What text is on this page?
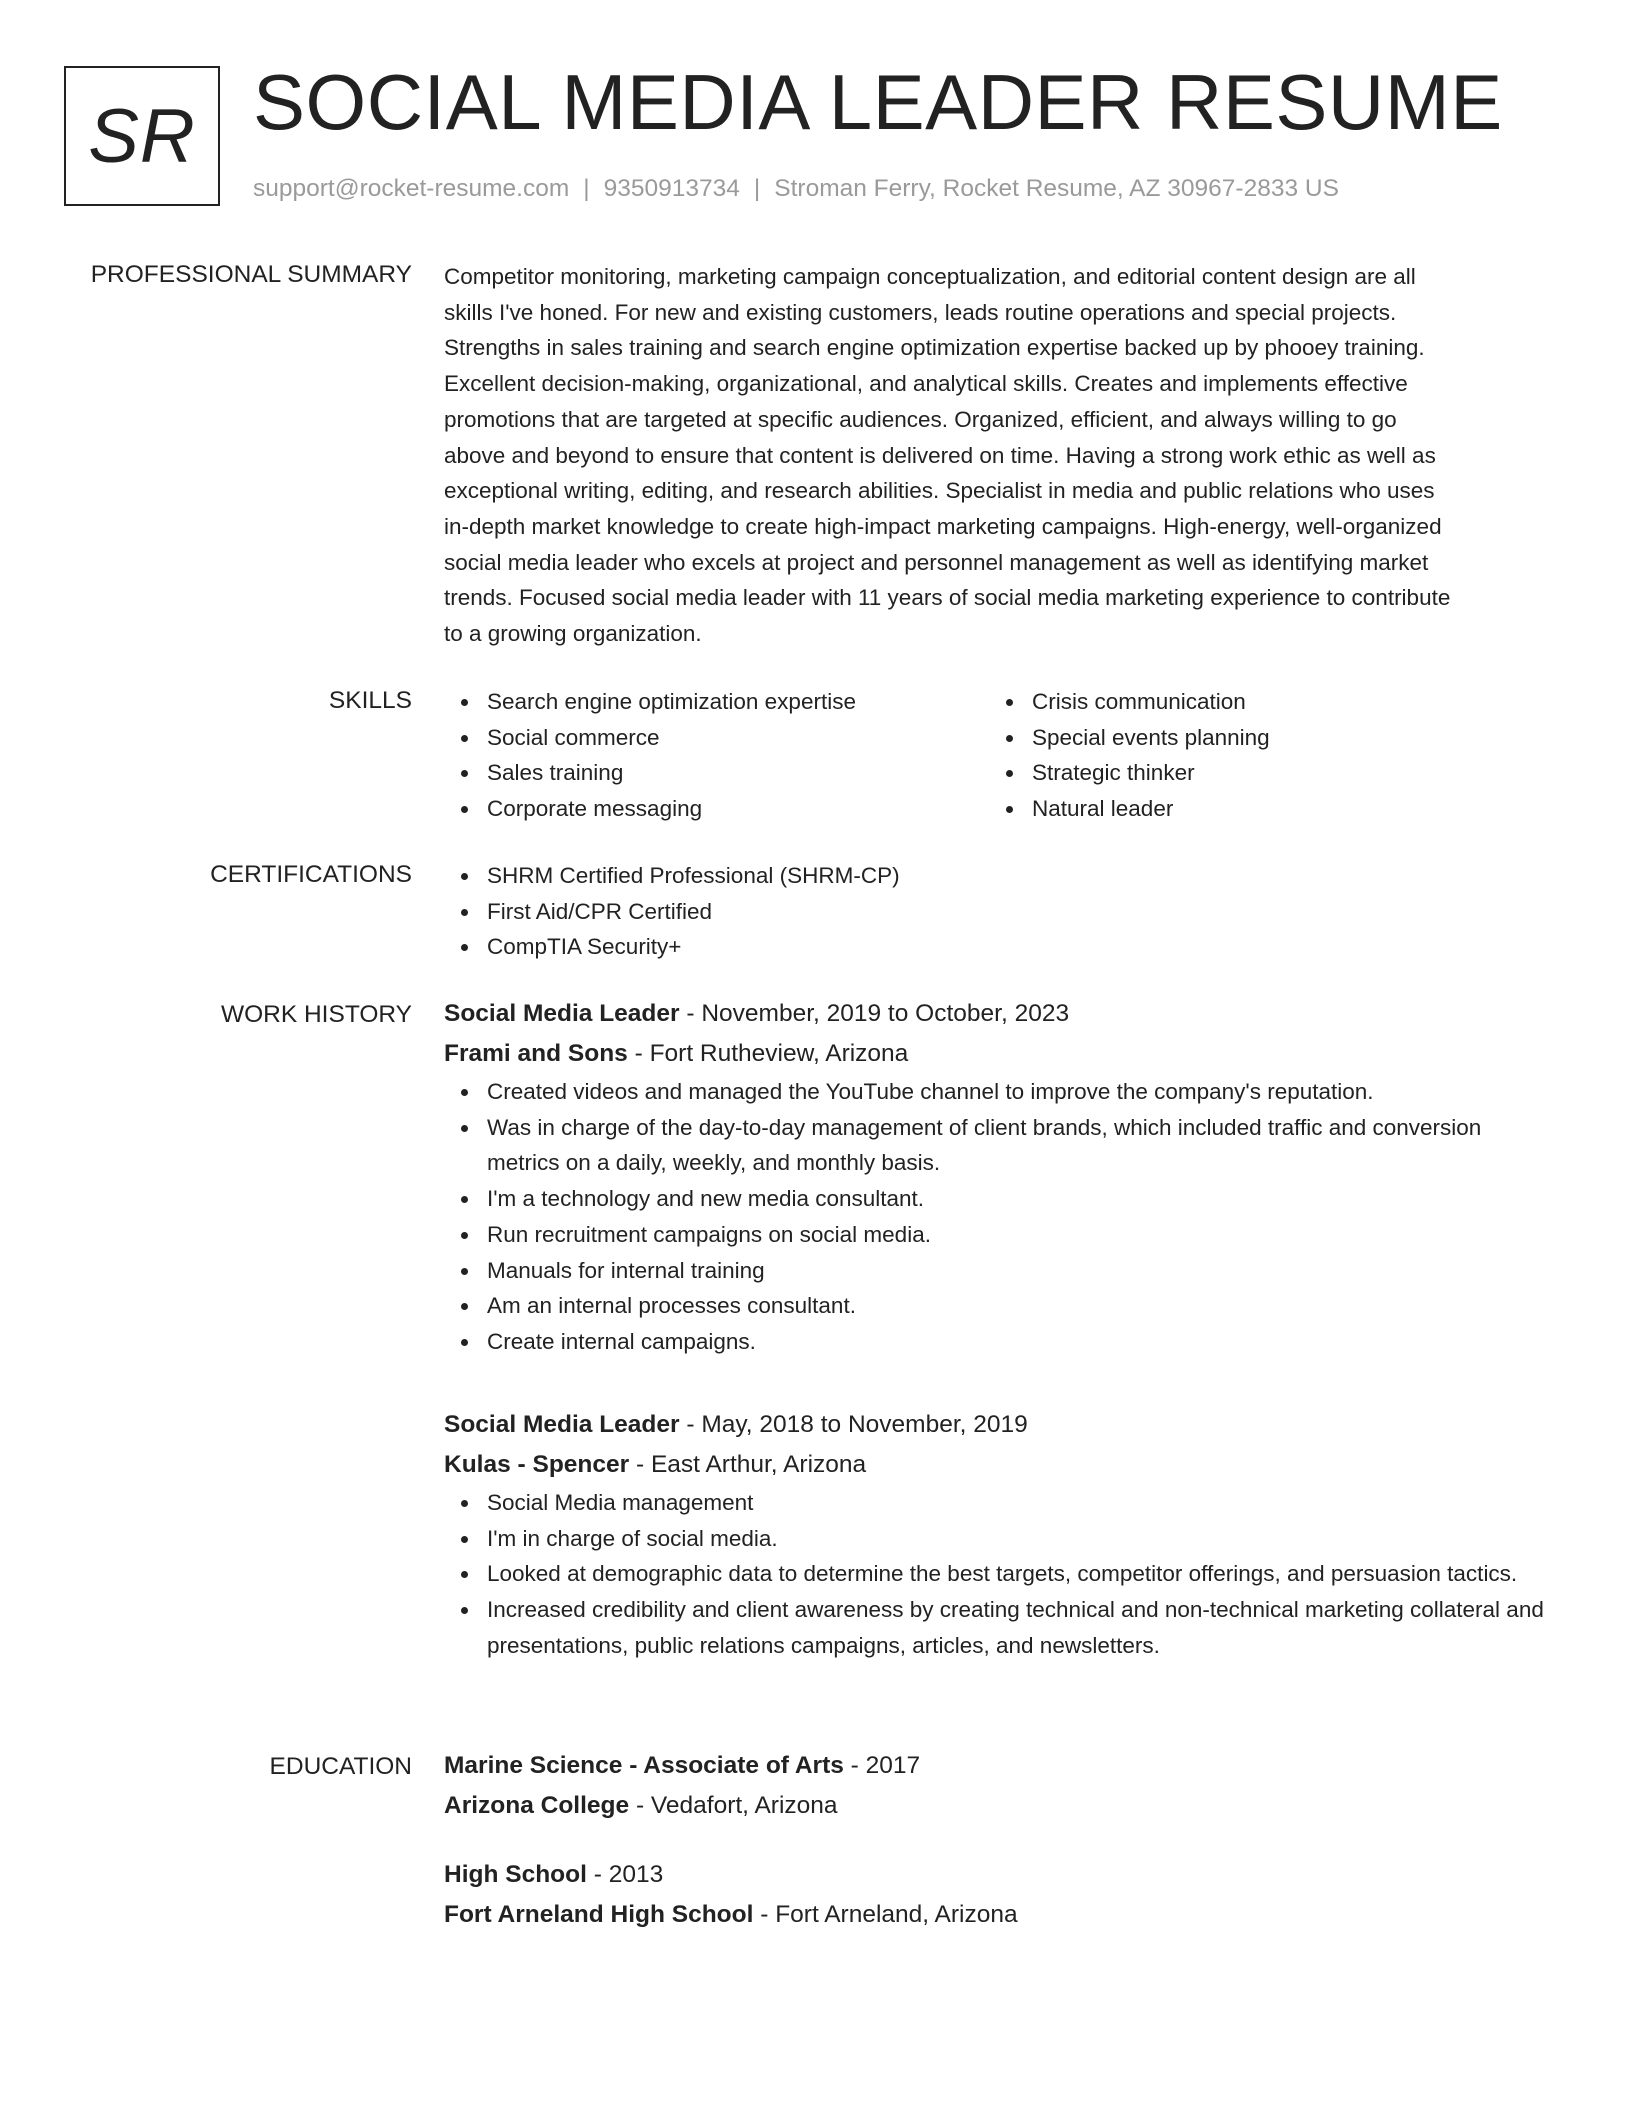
SR SOCIAL MEDIA LEADER RESUME
support@rocket-resume.com | 9350913734 | Stroman Ferry, Rocket Resume, AZ 30967-2833 US
PROFESSIONAL SUMMARY Competitor monitoring, marketing campaign conceptualization, and editorial content design are all
skills I've honed. For new and existing customers, leads routine operations and special projects.
Strengths in sales training and search engine optimization expertise backed up by phooey training.
Excellent decision-making, organizational, and analytical skills. Creates and implements effective
promotions that are targeted at specific audiences. Organized, efficient, and always willing to go
above and beyond to ensure that content is delivered on time. Having a strong work ethic as well as
exceptional writing, editing, and research abilities. Specialist in media and public relations who uses
in-depth market knowledge to create high-impact marketing campaigns. High-energy, well-organized
social media leader who excels at project and personnel management as well as identifying market
trends. Focused social media leader with 11 years of social media marketing experience to contribute
to a growing organization.

SKILLS	Search engine optimization expertise
Social commerce
Sales training
Corporate messaging
Crisis communication
Special events planning
Strategic thinker
Natural leader
CERTIFICATIONS	SHRM Certified Professional (SHRM-CP)
First Aid/CPR Certified
CompTIA Security+
WORK HISTORY Social Media Leader - November, 2019 to October, 2023
Frami and Sons - Fort Rutheview, Arizona
Created videos and managed the YouTube channel to improve the company's reputation.
Was in charge of the day-to-day management of client brands, which included traffic and conversion metrics on a daily, weekly, and monthly basis.
I'm a technology and new media consultant.
Run recruitment campaigns on social media.
Manuals for internal training
Am an internal processes consultant.
Create internal campaigns.
Social Media Leader - May, 2018 to November, 2019
Kulas - Spencer - East Arthur, Arizona
Social Media management
I'm in charge of social media.
Looked at demographic data to determine the best targets, competitor offerings, and persuasion tactics.
Increased credibility and client awareness by creating technical and non-technical marketing collateral and presentations, public relations campaigns, articles, and newsletters.
EDUCATION Marine Science - Associate of Arts - 2017
Arizona College - Vedafort, Arizona
High School - 2013
Fort Arneland High School - Fort Arneland, Arizona
